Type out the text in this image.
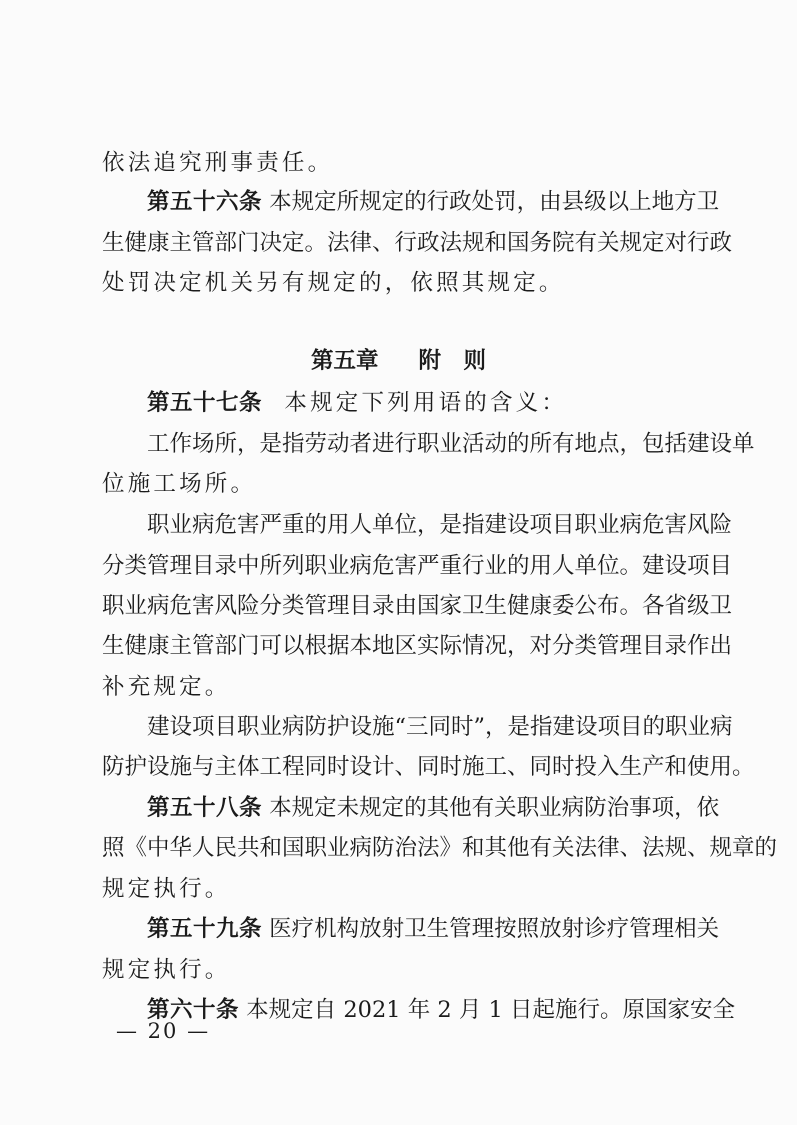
依法追究刑事责任。
第五十六条 本规定所规定的行政处罚，由县级以上地方卫
生健康主管部门决定。法律、行政法规和国务院有关规定对行政
处罚决定机关另有规定的，依照其规定。
第五章 附　则
第五十七条 本规定下列用语的含义：
工作场所，是指劳动者进行职业活动的所有地点，包括建设单
位施工场所。
职业病危害严重的用人单位，是指建设项目职业病危害风险
分类管理目录中所列职业病危害严重行业的用人单位。建设项目
职业病危害风险分类管理目录由国家卫生健康委公布。各省级卫
生健康主管部门可以根据本地区实际情况，对分类管理目录作出
补充规定。
建设项目职业病防护设施“三同时”，是指建设项目的职业病
防护设施与主体工程同时设计、同时施工、同时投入生产和使用。
第五十八条 本规定未规定的其他有关职业病防治事项，依
照《中华人民共和国职业病防治法》和其他有关法律、法规、规章的
规定执行。
第五十九条 医疗机构放射卫生管理按照放射诊疗管理相关
规定执行。
第六十条 本规定自 2021 年 2 月 1 日起施行。原国家安全
— 20 —
